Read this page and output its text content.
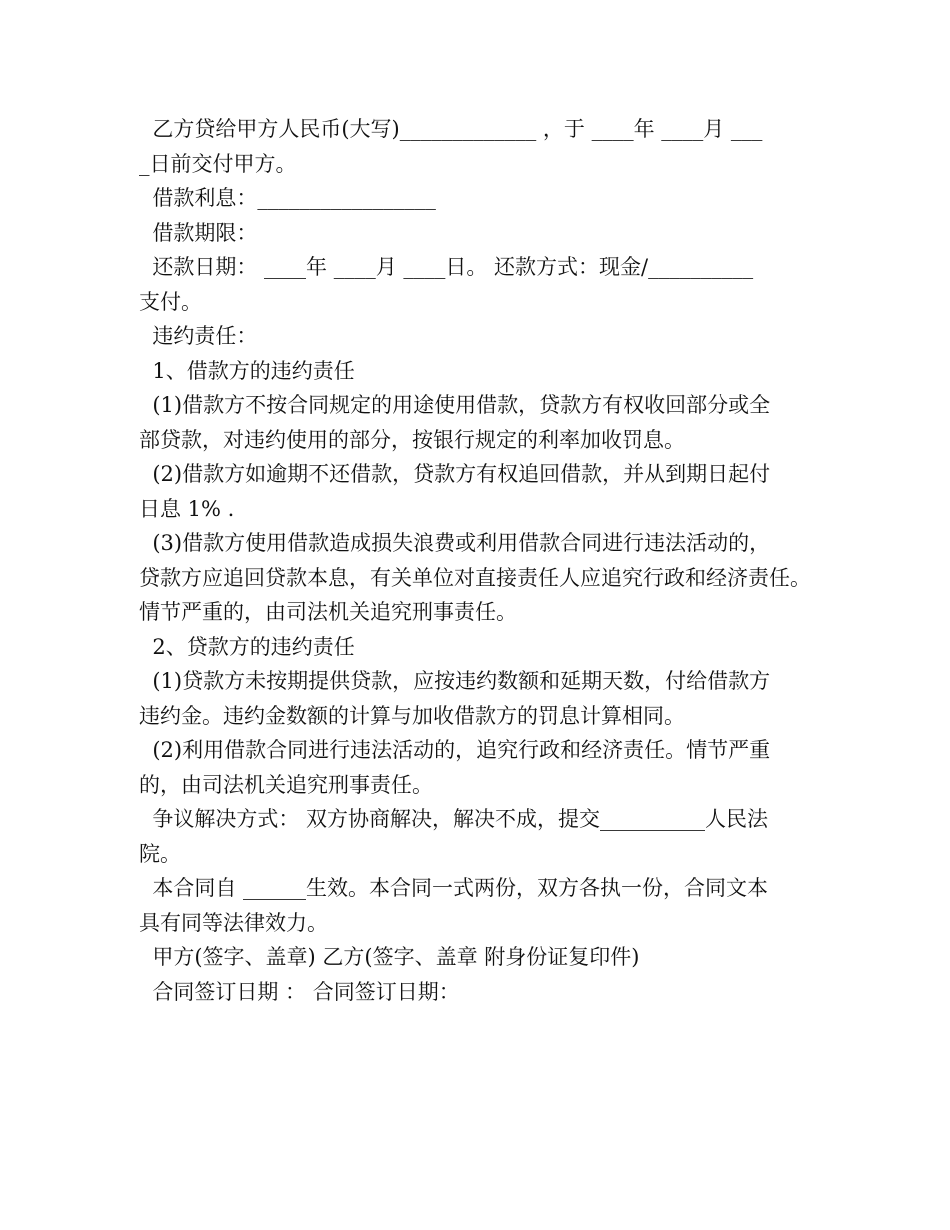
乙方贷给甲方人民币(大写)_____________ ，于 ____年 ____月 ___
_日前交付甲方。
借款利息：_________________
借款期限：
还款日期： ____年 ____月 ____日。 还款方式：现金/__________
支付。
违约责任：
1、借款方的违约责任
(1)借款方不按合同规定的用途使用借款，贷款方有权收回部分或全
部贷款，对违约使用的部分，按银行规定的利率加收罚息。
(2)借款方如逾期不还借款，贷款方有权追回借款，并从到期日起付
日息 1% .
(3)借款方使用借款造成损失浪费或利用借款合同进行违法活动的，
贷款方应追回贷款本息，有关单位对直接责任人应追究行政和经济责任。
情节严重的，由司法机关追究刑事责任。
2、贷款方的违约责任
(1)贷款方未按期提供贷款，应按违约数额和延期天数，付给借款方
违约金。违约金数额的计算与加收借款方的罚息计算相同。
(2)利用借款合同进行违法活动的，追究行政和经济责任。情节严重
的，由司法机关追究刑事责任。
争议解决方式： 双方协商解决，解决不成，提交__________人民法
院。
本合同自 ______生效。本合同一式两份，双方各执一份，合同文本
具有同等法律效力。
甲方(签字、盖章) 乙方(签字、盖章 附身份证复印件)
合同签订日期 ： 合同签订日期：
